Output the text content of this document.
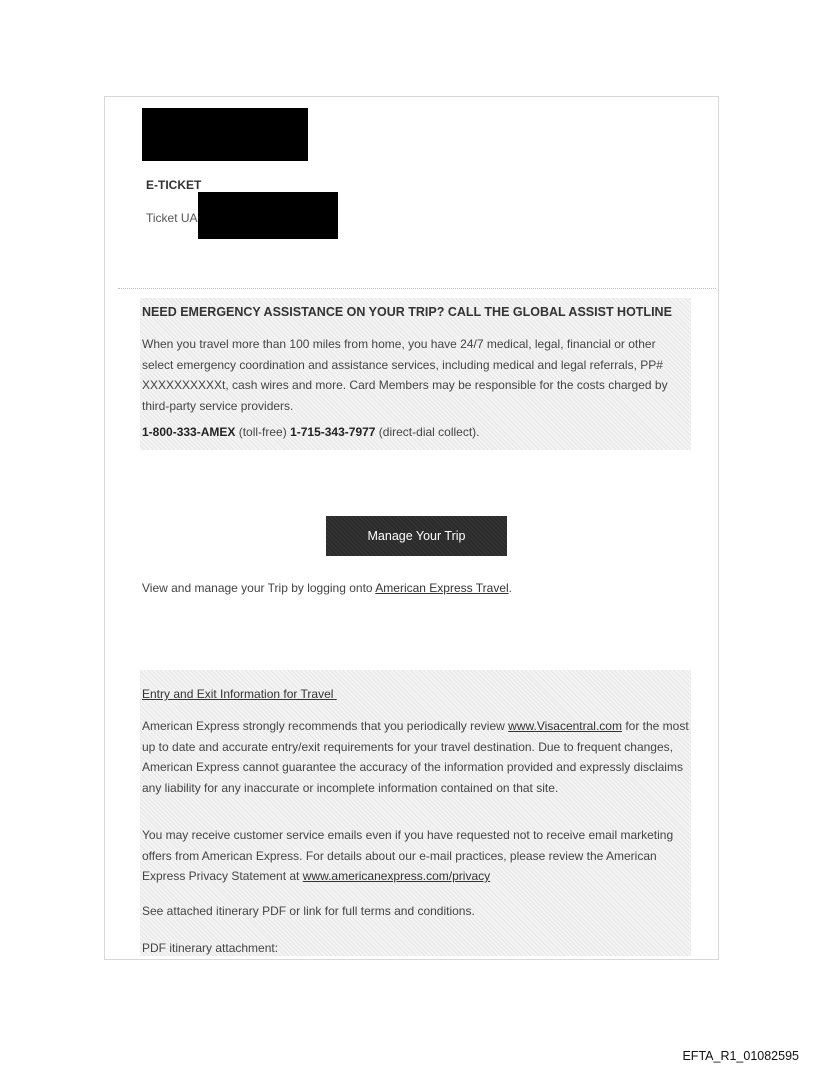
E-TICKET
Ticket UA
NEED EMERGENCY ASSISTANCE ON YOUR TRIP? CALL THE GLOBAL ASSIST HOTLINE
When you travel more than 100 miles from home, you have 24/7 medical, legal, financial or other select emergency coordination and assistance services, including medical and legal referrals, PP# XXXXXXXXXXt, cash wires and more. Card Members may be responsible for the costs charged by third-party service providers.
1-800-333-AMEX (toll-free) 1-715-343-7977 (direct-dial collect).
Manage Your Trip
View and manage your Trip by logging onto American Express Travel.
Entry and Exit Information for Travel
American Express strongly recommends that you periodically review www.Visacentral.com for the most up to date and accurate entry/exit requirements for your travel destination. Due to frequent changes, American Express cannot guarantee the accuracy of the information provided and expressly disclaims any liability for any inaccurate or incomplete information contained on that site.
You may receive customer service emails even if you have requested not to receive email marketing offers from American Express. For details about our e-mail practices, please review the American Express Privacy Statement at www.americanexpress.com/privacy
See attached itinerary PDF or link for full terms and conditions.
PDF itinerary attachment:
EFTA_R1_01082595
